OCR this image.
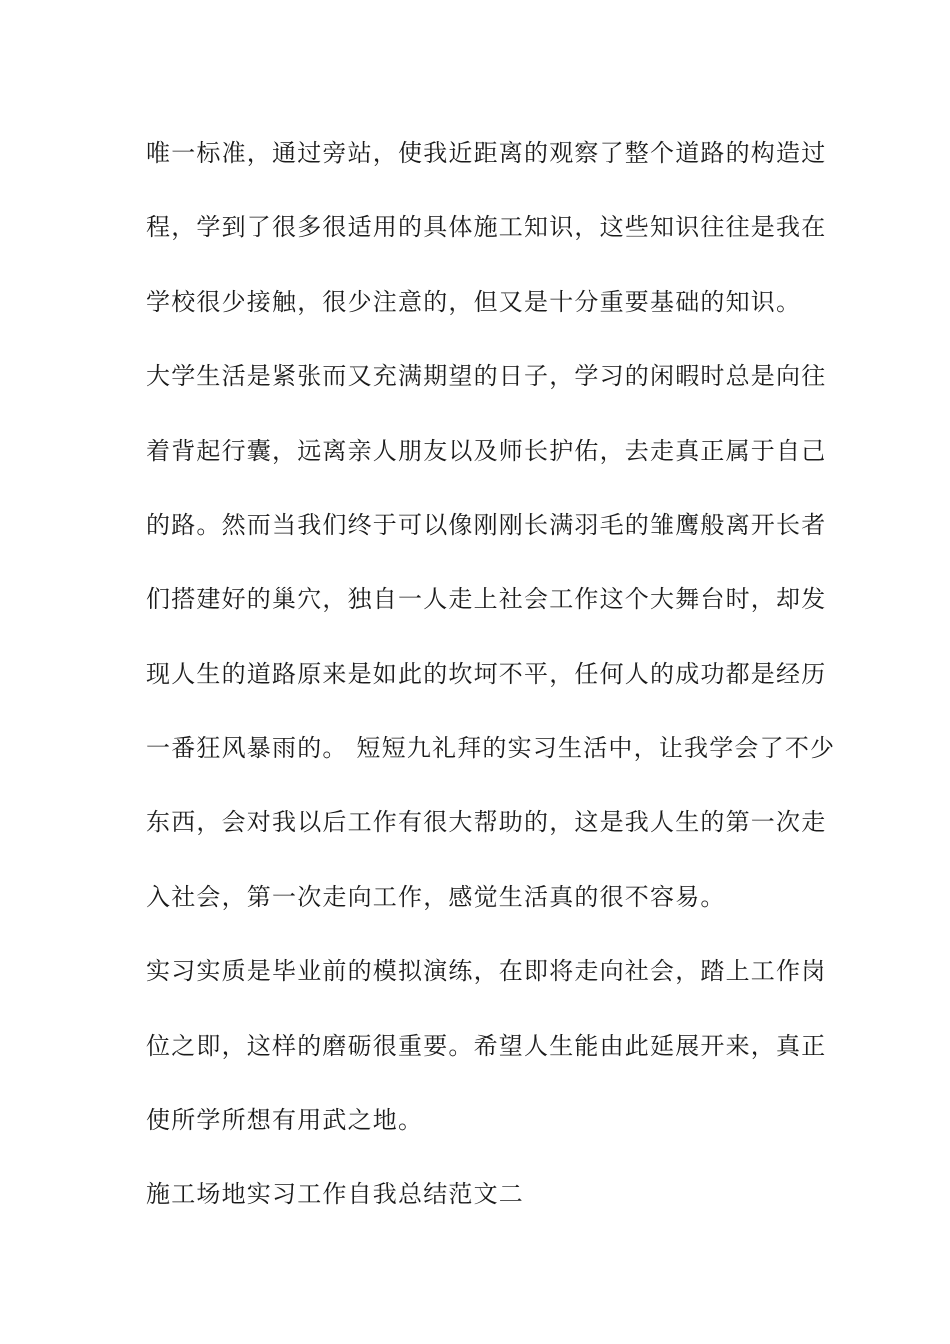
唯一标准，通过旁站，使我近距离的观察了整个道路的构造过
程，学到了很多很适用的具体施工知识，这些知识往往是我在
学校很少接触，很少注意的，但又是十分重要基础的知识。
大学生活是紧张而又充满期望的日子，学习的闲暇时总是向往
着背起行囊，远离亲人朋友以及师长护佑，去走真正属于自己
的路。然而当我们终于可以像刚刚长满羽毛的雏鹰般离开长者
们搭建好的巢穴，独自一人走上社会工作这个大舞台时，却发
现人生的道路原来是如此的坎坷不平，任何人的成功都是经历
一番狂风暴雨的。 短短九礼拜的实习生活中，让我学会了不少
东西，会对我以后工作有很大帮助的，这是我人生的第一次走
入社会，第一次走向工作，感觉生活真的很不容易。
实习实质是毕业前的模拟演练，在即将走向社会，踏上工作岗
位之即，这样的磨砺很重要。希望人生能由此延展开来，真正
使所学所想有用武之地。
施工场地实习工作自我总结范文二
